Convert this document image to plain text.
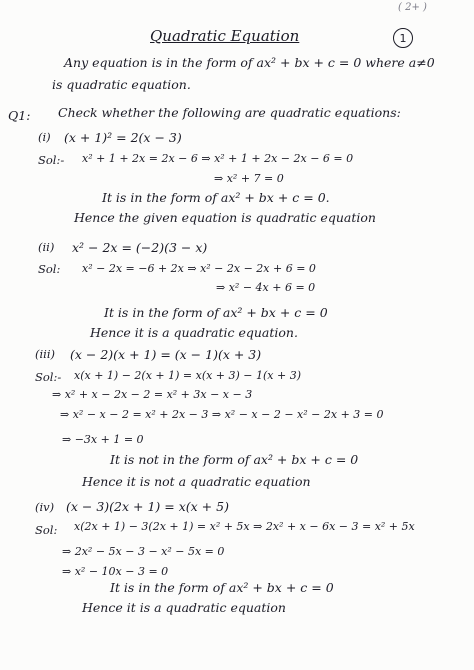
( 2+ )
Quadratic Equation	1
Any equation is in the form of ax² + bx + c = 0 where a≠0
is quadratic equation.
Q1: Check whether the following are quadratic equations:
(i) (x + 1)² = 2(x − 3)
Sol:- x² + 1 + 2x = 2x − 6 ⇒ x² + 1 + 2x − 2x − 6 = 0
⇒ x² + 7 = 0
It is in the form of ax² + bx + c = 0.
Hence the given equation is quadratic equation
(ii) x² − 2x = (−2)(3 − x)
Sol: x² − 2x = −6 + 2x ⇒ x² − 2x − 2x + 6 = 0
⇒ x² − 4x + 6 = 0
It is in the form of ax² + bx + c = 0
Hence it is a quadratic equation.
(iii) (x − 2)(x + 1) = (x − 1)(x + 3)
Sol:- x(x + 1) − 2(x + 1) = x(x + 3) − 1(x + 3)
⇒ x² + x − 2x − 2 = x² + 3x − x − 3
⇒ x² − x − 2 = x² + 2x − 3 ⇒ x² − x − 2 − x² − 2x + 3 = 0
⇒ −3x + 1 = 0
It is not in the form of ax² + bx + c = 0
Hence it is not a quadratic equation
(iv) (x − 3)(2x + 1) = x(x + 5)
Sol: x(2x + 1) − 3(2x + 1) = x² + 5x ⇒ 2x² + x − 6x − 3 = x² + 5x
⇒ 2x² − 5x − 3 − x² − 5x = 0
⇒ x² − 10x − 3 = 0
It is in the form of ax² + bx + c = 0
Hence it is a quadratic equation
